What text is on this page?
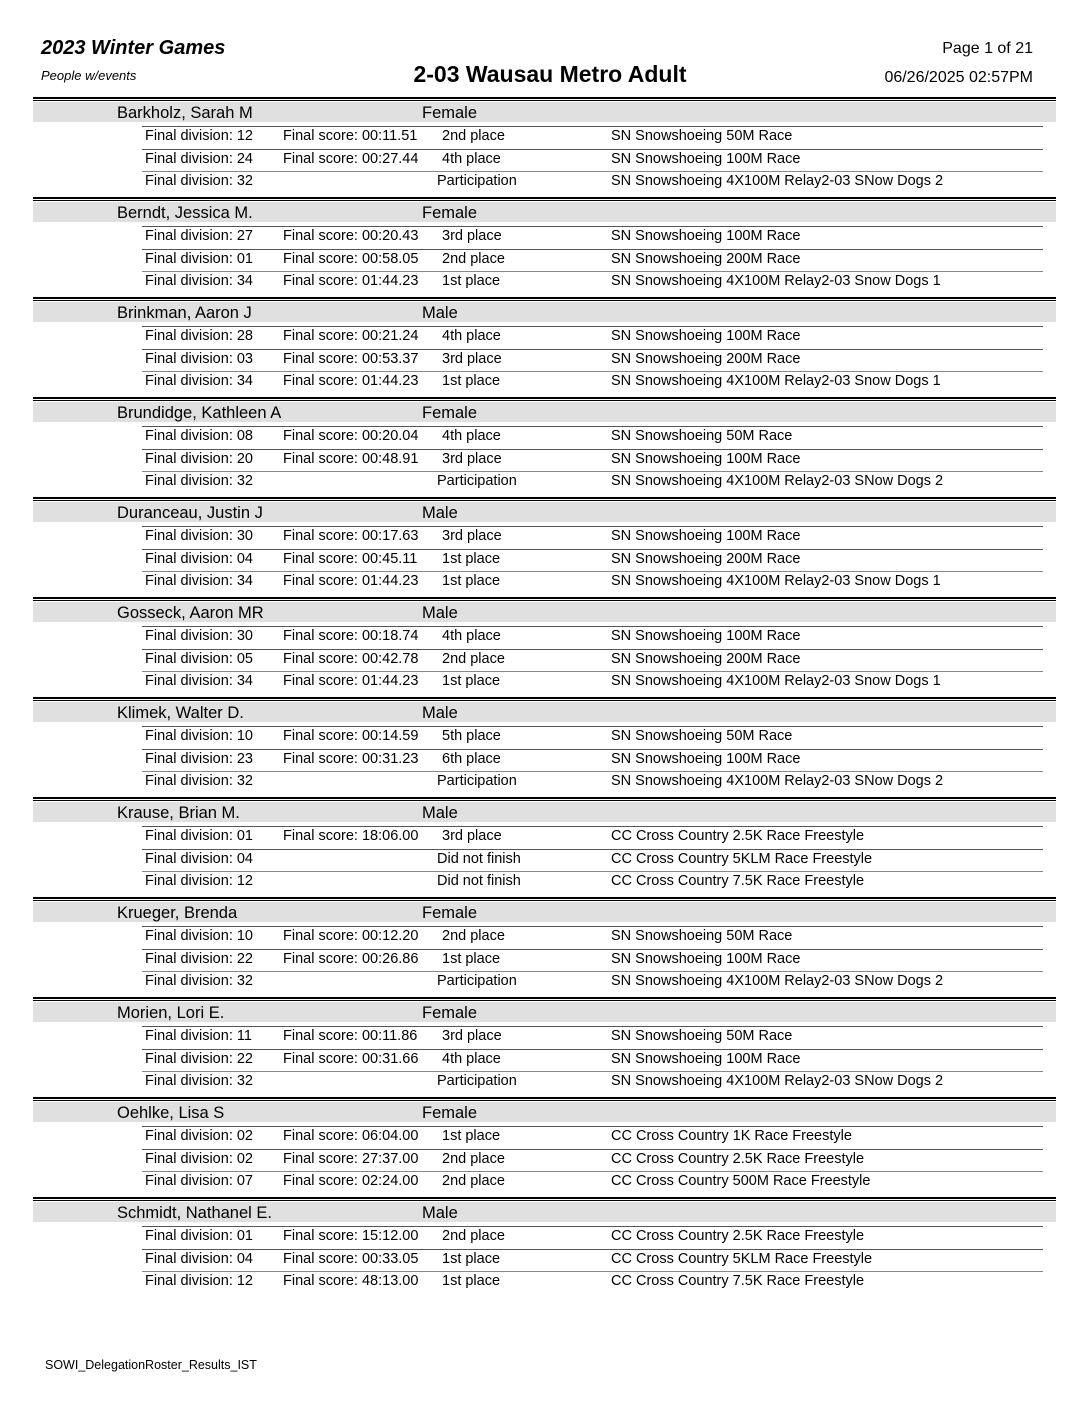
2023 Winter Games
People w/events	2-03 Wausau Metro Adult
Page 1 of 21
06/26/2025 02:57PM
Barkholz, Sarah M	Female
Final division: 12 Final score: 00:11.51 2nd place	SN Snowshoeing 50M Race
Final division: 24 Final score: 00:27.44 4th place	SN Snowshoeing 100M Race
Final division: 32	Participation	SN Snowshoeing 4X100M Relay2-03 SNow Dogs 2
Berndt, Jessica M.	Female
Final division: 27 Final score: 00:20.43 3rd place	SN Snowshoeing 100M Race
Final division: 01 Final score: 00:58.05 2nd place	SN Snowshoeing 200M Race
Final division: 34 Final score: 01:44.23 1st place	SN Snowshoeing 4X100M Relay2-03 Snow Dogs 1
Brinkman, Aaron J	Male
Final division: 28 Final score: 00:21.24 4th place	SN Snowshoeing 100M Race
Final division: 03 Final score: 00:53.37 3rd place	SN Snowshoeing 200M Race
Final division: 34 Final score: 01:44.23 1st place	SN Snowshoeing 4X100M Relay2-03 Snow Dogs 1
Brundidge, Kathleen A	Female
Final division: 08 Final score: 00:20.04 4th place	SN Snowshoeing 50M Race
Final division: 20 Final score: 00:48.91 3rd place	SN Snowshoeing 100M Race
Final division: 32	Participation	SN Snowshoeing 4X100M Relay2-03 SNow Dogs 2
Duranceau, Justin J	Male
Final division: 30 Final score: 00:17.63 3rd place	SN Snowshoeing 100M Race
Final division: 04 Final score: 00:45.11 1st place	SN Snowshoeing 200M Race
Final division: 34 Final score: 01:44.23 1st place	SN Snowshoeing 4X100M Relay2-03 Snow Dogs 1
Gosseck, Aaron MR	Male
Final division: 30 Final score: 00:18.74 4th place	SN Snowshoeing 100M Race
Final division: 05 Final score: 00:42.78 2nd place	SN Snowshoeing 200M Race
Final division: 34 Final score: 01:44.23 1st place	SN Snowshoeing 4X100M Relay2-03 Snow Dogs 1
Klimek, Walter D.	Male
Final division: 10 Final score: 00:14.59 5th place	SN Snowshoeing 50M Race
Final division: 23 Final score: 00:31.23 6th place	SN Snowshoeing 100M Race
Final division: 32	Participation	SN Snowshoeing 4X100M Relay2-03 SNow Dogs 2
Krause, Brian M.	Male
Final division: 01 Final score: 18:06.00 3rd place	CC Cross Country 2.5K Race Freestyle
Final division: 04	Did not finish	CC Cross Country 5KLM Race Freestyle
Final division: 12	Did not finish	CC Cross Country 7.5K Race Freestyle
Krueger, Brenda	Female
Final division: 10 Final score: 00:12.20 2nd place	SN Snowshoeing 50M Race
Final division: 22 Final score: 00:26.86 1st place	SN Snowshoeing 100M Race
Final division: 32	Participation	SN Snowshoeing 4X100M Relay2-03 SNow Dogs 2
Morien, Lori E.	Female
Final division: 11 Final score: 00:11.86 3rd place	SN Snowshoeing 50M Race
Final division: 22 Final score: 00:31.66 4th place	SN Snowshoeing 100M Race
Final division: 32	Participation	SN Snowshoeing 4X100M Relay2-03 SNow Dogs 2
Oehlke, Lisa S	Female
Final division: 02 Final score: 06:04.00 1st place	CC Cross Country 1K Race Freestyle
Final division: 02 Final score: 27:37.00 2nd place	CC Cross Country 2.5K Race Freestyle
Final division: 07 Final score: 02:24.00 2nd place	CC Cross Country 500M Race Freestyle
Schmidt, Nathanel E.	Male
Final division: 01 Final score: 15:12.00 2nd place	CC Cross Country 2.5K Race Freestyle
Final division: 04 Final score: 00:33.05 1st place	CC Cross Country 5KLM Race Freestyle
Final division: 12 Final score: 48:13.00 1st place	CC Cross Country 7.5K Race Freestyle
SOWI_DelegationRoster_Results_IST
